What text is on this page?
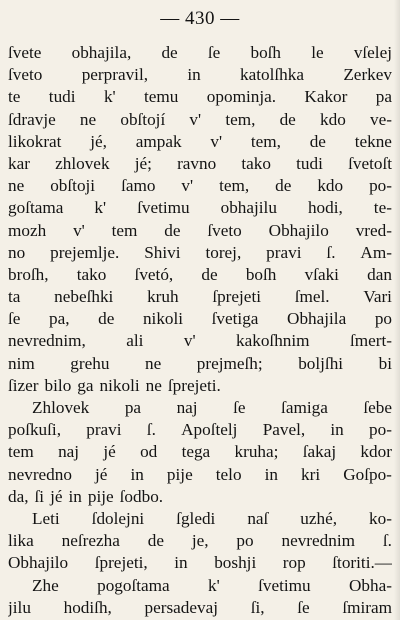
— 430 —
ſvete obhajila, de ſe boſh le vſelej
ſveto perpravil, in katolſhka Zerkev
te tudi k' temu opominja. Kakor pa
ſdravje ne obſtojí v' tem, de kdo ve-
likokrat jé, ampak v' tem, de tekne
kar zhlovek jé; ravno tako tudi ſvetoſt
ne obſtoji ſamo v' tem, de kdo po-
goſtama k' ſvetimu obhajilu hodi, te-
mozh v' tem de ſveto Obhajilo vred-
no prejemlje. Shivi torej, pravi ſ. Am-
broſh, tako ſvetó, de boſh vſaki dan
ta nebeſhki kruh ſprejeti ſmel. Vari
ſe pa, de nikoli ſvetiga Obhajila po
nevrednim, ali v' kakoſhnim ſmert-
nim grehu ne prejmeſh; boljſhi bi
ſizer bilo ga nikoli ne ſprejeti.
Zhlovek pa naj ſe ſamiga ſebe
poſkuſi, pravi ſ. Apoſtelj Pavel, in po-
tem naj jé od tega kruha; ſakaj kdor
nevredno jé in pije telo in kri Goſpo-
da, ſi jé in pije ſodbo.
Leti ſdolejni ſgledi naſ uzhé, ko-
lika neſrezha de je, po nevrednim ſ.
Obhajilo ſprejeti, in boshji rop ſtoriti.—
Zhe pogoſtama k' ſvetimu Obha-
jilu hodiſh, persadevaj ſi, ſe ſmiram
